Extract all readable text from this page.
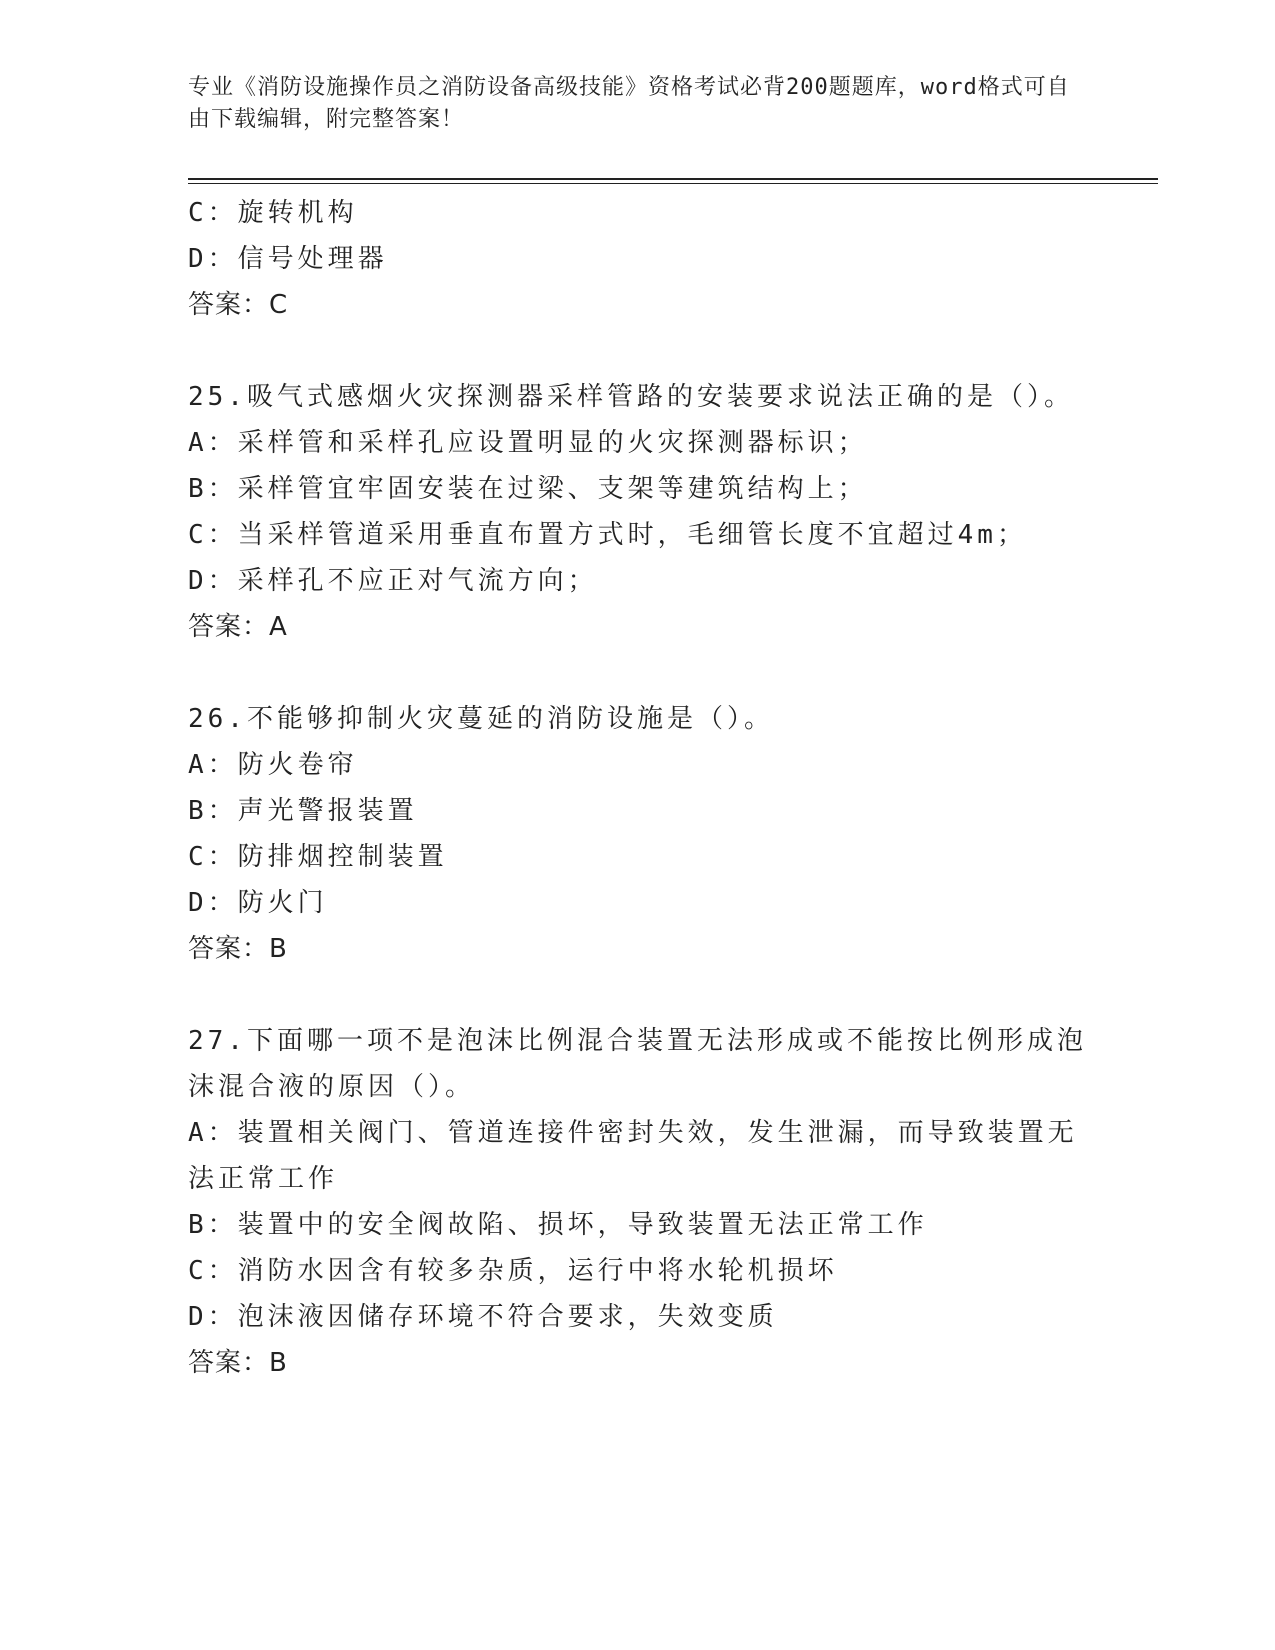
专业《消防设施操作员之消防设备高级技能》资格考试必背200题题库，word格式可自由下载编辑，附完整答案！
C：旋转机构
D：信号处理器
答案：C
25.吸气式感烟火灾探测器采样管路的安装要求说法正确的是（）。
A：采样管和采样孔应设置明显的火灾探测器标识；
B：采样管宜牢固安装在过梁、支架等建筑结构上；
C：当采样管道采用垂直布置方式时，毛细管长度不宜超过4m；
D：采样孔不应正对气流方向；
答案：A
26.不能够抑制火灾蔓延的消防设施是（）。
A：防火卷帘
B：声光警报装置
C：防排烟控制装置
D：防火门
答案：B
27.下面哪一项不是泡沫比例混合装置无法形成或不能按比例形成泡沫混合液的原因（）。
A：装置相关阀门、管道连接件密封失效，发生泄漏，而导致装置无法正常工作
B：装置中的安全阀故陷、损坏，导致装置无法正常工作
C：消防水因含有较多杂质，运行中将水轮机损坏
D：泡沫液因储存环境不符合要求，失效变质
答案：B
